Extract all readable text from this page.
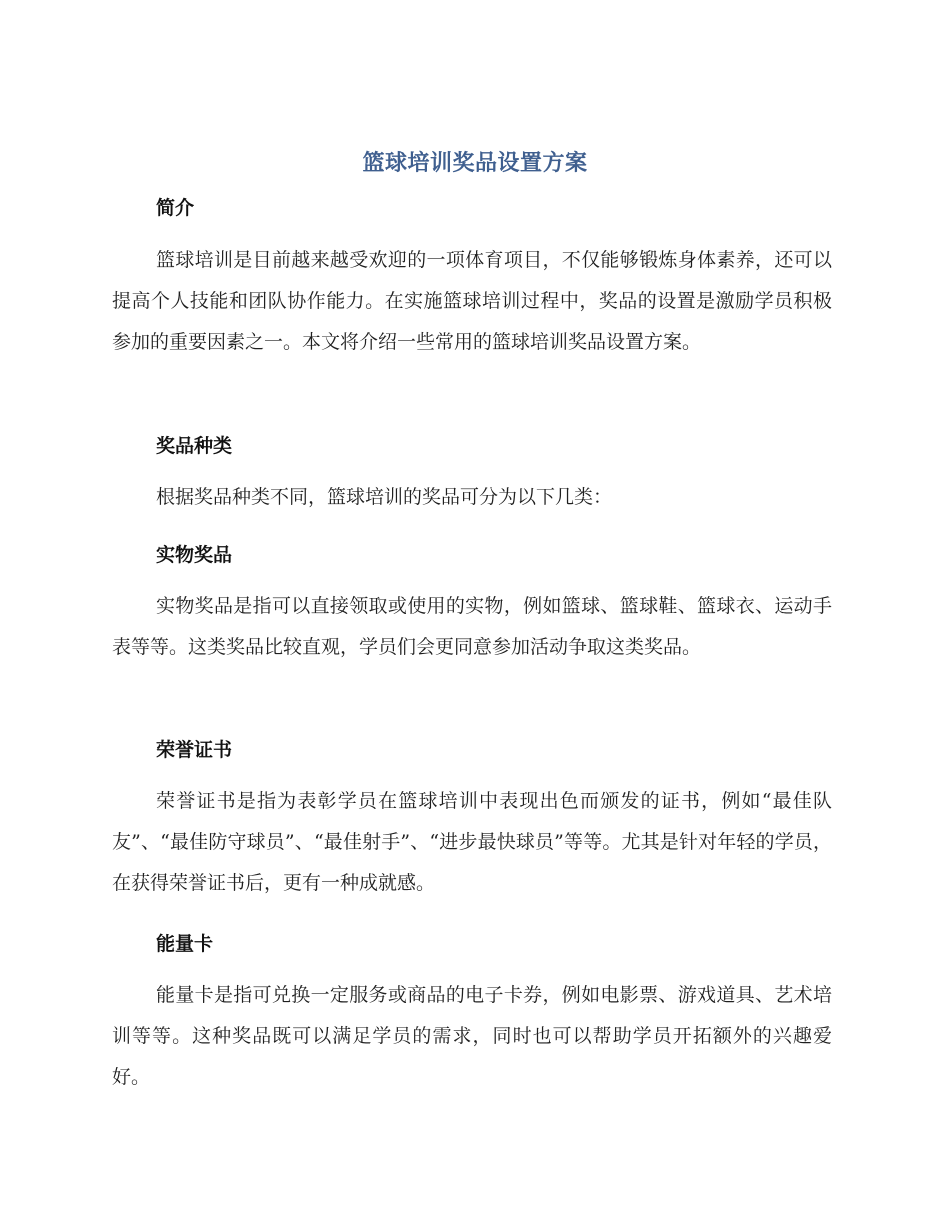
篮球培训奖品设置方案
简介
篮球培训是目前越来越受欢迎的一项体育项目，不仅能够锻炼身体素养，还可以提高个人技能和团队协作能力。在实施篮球培训过程中，奖品的设置是激励学员积极参加的重要因素之一。本文将介绍一些常用的篮球培训奖品设置方案。
奖品种类
根据奖品种类不同，篮球培训的奖品可分为以下几类：
实物奖品
实物奖品是指可以直接领取或使用的实物，例如篮球、篮球鞋、篮球衣、运动手表等等。这类奖品比较直观，学员们会更同意参加活动争取这类奖品。
荣誉证书
荣誉证书是指为表彰学员在篮球培训中表现出色而颁发的证书，例如“最佳队友”、“最佳防守球员”、“最佳射手”、“进步最快球员”等等。尤其是针对年轻的学员，在获得荣誉证书后，更有一种成就感。
能量卡
能量卡是指可兑换一定服务或商品的电子卡券，例如电影票、游戏道具、艺术培训等等。这种奖品既可以满足学员的需求，同时也可以帮助学员开拓额外的兴趣爱好。
